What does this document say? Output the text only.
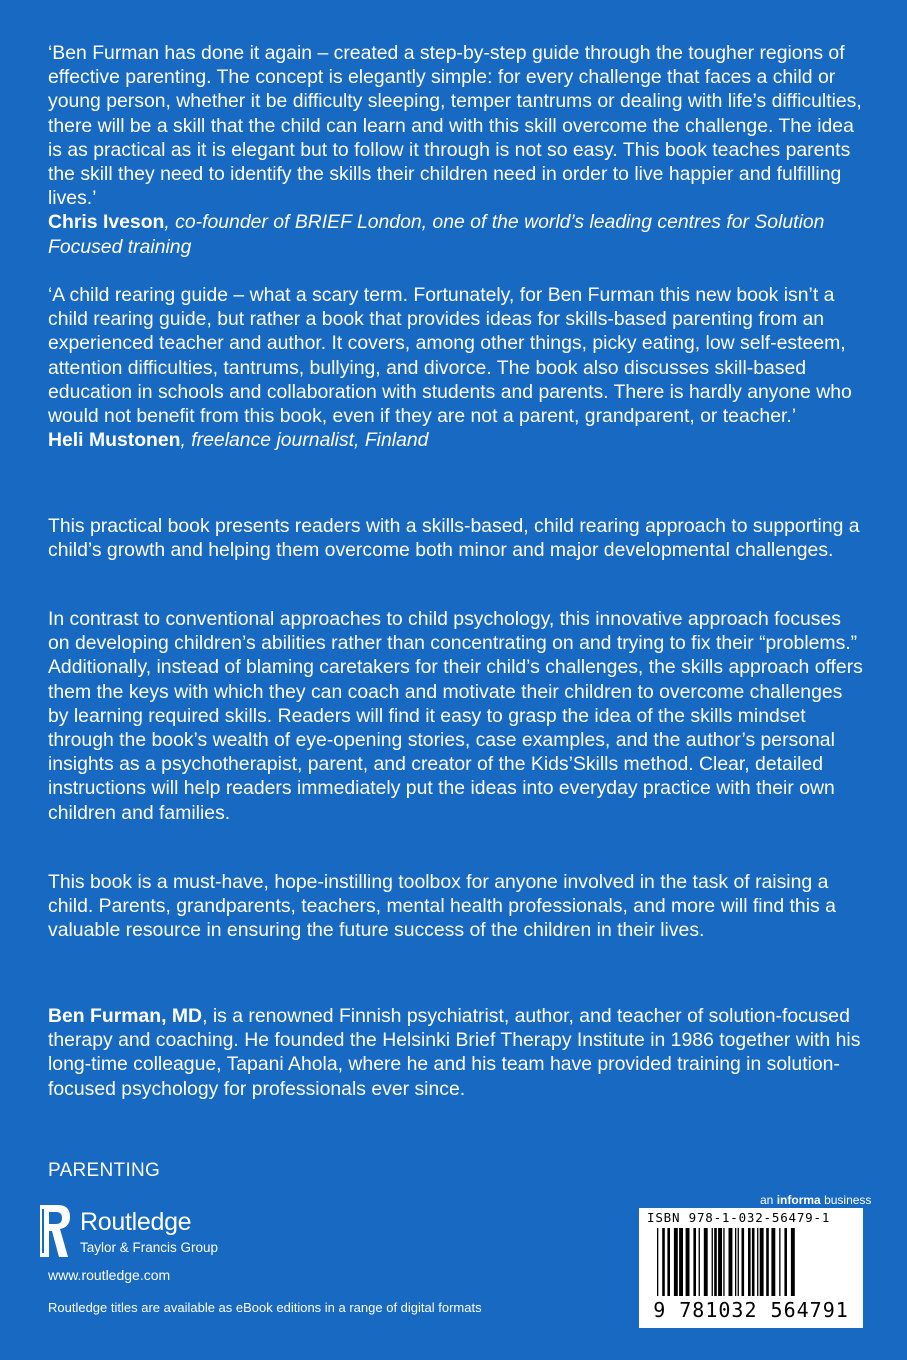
‘Ben Furman has done it again – created a step-by-step guide through the tougher regions of effective parenting. The concept is elegantly simple: for every challenge that faces a child or young person, whether it be difficulty sleeping, temper tantrums or dealing with life’s difficulties, there will be a skill that the child can learn and with this skill overcome the challenge. The idea is as practical as it is elegant but to follow it through is not so easy. This book teaches parents the skill they need to identify the skills their children need in order to live happier and fulfilling lives.’
Chris Iveson, co-founder of BRIEF London, one of the world’s leading centres for Solution Focused training

‘A child rearing guide – what a scary term. Fortunately, for Ben Furman this new book isn’t a child rearing guide, but rather a book that provides ideas for skills-based parenting from an experienced teacher and author. It covers, among other things, picky eating, low self-esteem, attention difficulties, tantrums, bullying, and divorce. The book also discusses skill-based education in schools and collaboration with students and parents. There is hardly anyone who would not benefit from this book, even if they are not a parent, grandparent, or teacher.’
Heli Mustonen, freelance journalist, Finland

This practical book presents readers with a skills-based, child rearing approach to supporting a child’s growth and helping them overcome both minor and major developmental challenges.

In contrast to conventional approaches to child psychology, this innovative approach focuses on developing children’s abilities rather than concentrating on and trying to fix their “problems.” Additionally, instead of blaming caretakers for their child’s challenges, the skills approach offers them the keys with which they can coach and motivate their children to overcome challenges by learning required skills. Readers will find it easy to grasp the idea of the skills mindset through the book’s wealth of eye-opening stories, case examples, and the author’s personal insights as a psychotherapist, parent, and creator of the Kids’Skills method. Clear, detailed instructions will help readers immediately put the ideas into everyday practice with their own children and families.

This book is a must-have, hope-instilling toolbox for anyone involved in the task of raising a child. Parents, grandparents, teachers, mental health professionals, and more will find this a valuable resource in ensuring the future success of the children in their lives.

Ben Furman, MD, is a renowned Finnish psychiatrist, author, and teacher of solution-focused therapy and coaching. He founded the Helsinki Brief Therapy Institute in 1986 together with his long-time colleague, Tapani Ahola, where he and his team have provided training in solution-focused psychology for professionals ever since.

PARENTING
Routledge
Taylor & Francis Group
www.routledge.com
Routledge titles are available as eBook editions in a range of digital formats
an informa business
ISBN 978-1-032-56479-1
9 781032 564791
